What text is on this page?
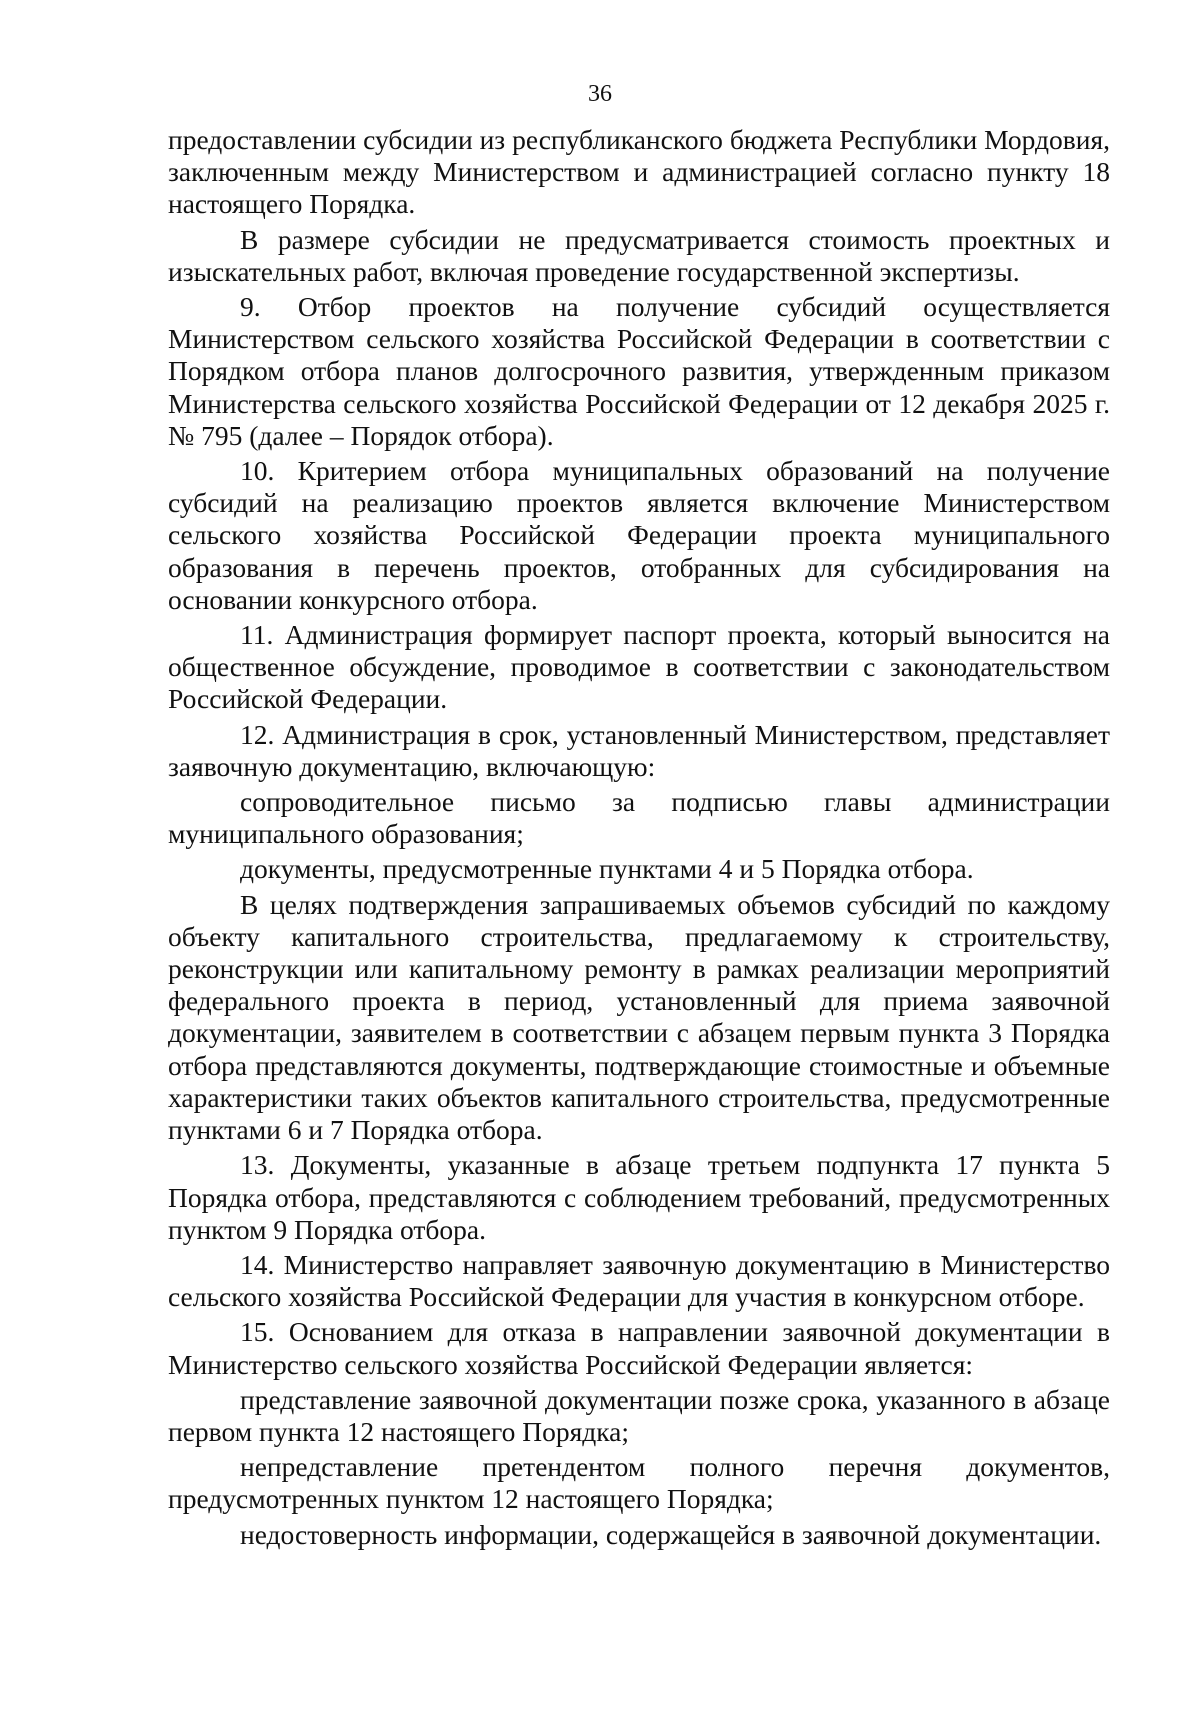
36

предоставлении субсидии из республиканского бюджета Республики Мордовия, заключенным между Министерством и администрацией согласно пункту 18 настоящего Порядка.

В размере субсидии не предусматривается стоимость проектных и изыскательных работ, включая проведение государственной экспертизы.

9. Отбор проектов на получение субсидий осуществляется Министерством сельского хозяйства Российской Федерации в соответствии с Порядком отбора планов долгосрочного развития, утвержденным приказом Министерства сельского хозяйства Российской Федерации от 12 декабря 2025 г. № 795 (далее – Порядок отбора).

10. Критерием отбора муниципальных образований на получение субсидий на реализацию проектов является включение Министерством сельского хозяйства Российской Федерации проекта муниципального образования в перечень проектов, отобранных для субсидирования на основании конкурсного отбора.

11. Администрация формирует паспорт проекта, который выносится на общественное обсуждение, проводимое в соответствии с законодательством Российской Федерации.

12. Администрация в срок, установленный Министерством, представляет заявочную документацию, включающую:

сопроводительное письмо за подписью главы администрации муниципального образования;

документы, предусмотренные пунктами 4 и 5 Порядка отбора.

В целях подтверждения запрашиваемых объемов субсидий по каждому объекту капитального строительства, предлагаемому к строительству, реконструкции или капитальному ремонту в рамках реализации мероприятий федерального проекта в период, установленный для приема заявочной документации, заявителем в соответствии с абзацем первым пункта 3 Порядка отбора представляются документы, подтверждающие стоимостные и объемные характеристики таких объектов капитального строительства, предусмотренные пунктами 6 и 7 Порядка отбора.

13. Документы, указанные в абзаце третьем подпункта 17 пункта 5 Порядка отбора, представляются с соблюдением требований, предусмотренных пунктом 9 Порядка отбора.

14. Министерство направляет заявочную документацию в Министерство сельского хозяйства Российской Федерации для участия в конкурсном отборе.

15. Основанием для отказа в направлении заявочной документации в Министерство сельского хозяйства Российской Федерации является:

представление заявочной документации позже срока, указанного в абзаце первом пункта 12 настоящего Порядка;

непредставление претендентом полного перечня документов, предусмотренных пунктом 12 настоящего Порядка;

недостоверность информации, содержащейся в заявочной документации.
